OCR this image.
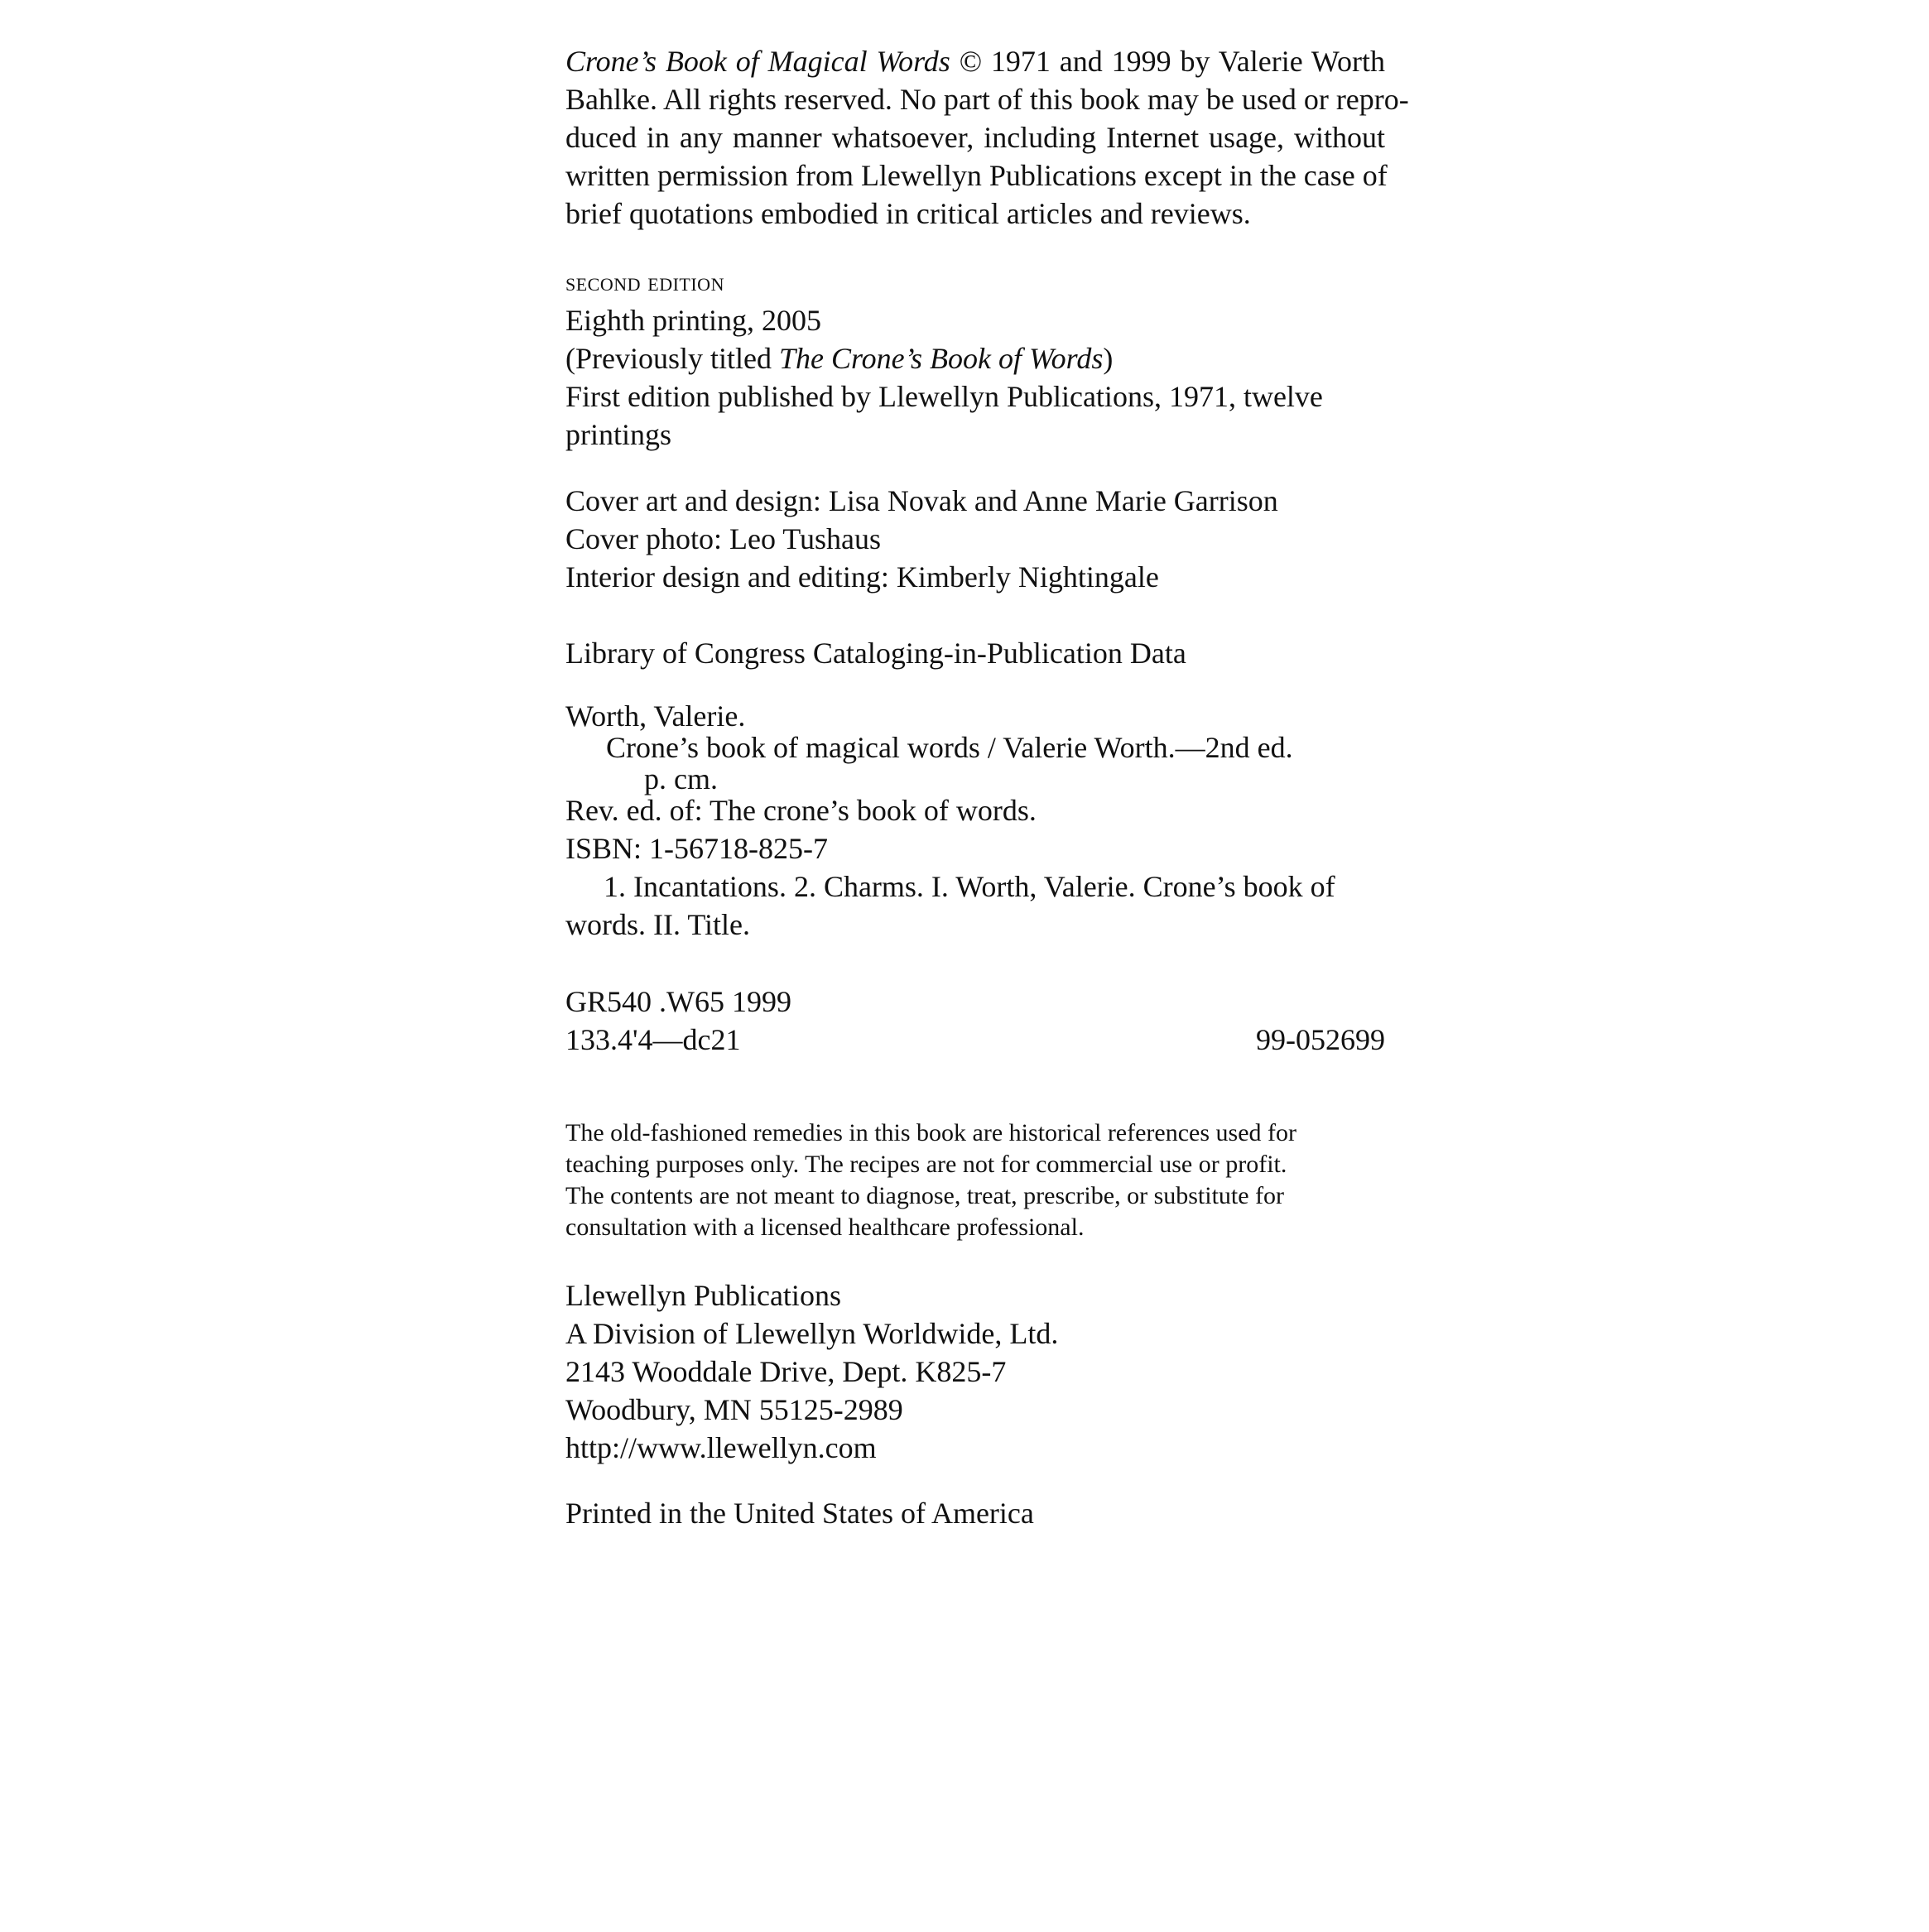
Crone’s Book of Magical Words © 1971 and 1999 by Valerie Worth
Bahlke. All rights reserved. No part of this book may be used or repro-
duced in any manner whatsoever, including Internet usage, without
written permission from Llewellyn Publications except in the case of
brief quotations embodied in critical articles and reviews.
second edition
Eighth printing, 2005
(Previously titled The Crone’s Book of Words)
First edition published by Llewellyn Publications, 1971, twelve
printings
Cover art and design: Lisa Novak and Anne Marie Garrison
Cover photo: Leo Tushaus
Interior design and editing: Kimberly Nightingale
Library of Congress Cataloging-in-Publication Data
Worth, Valerie.
Crone’s book of magical words / Valerie Worth.—2nd ed.
p. cm.
Rev. ed. of: The crone’s book of words.
ISBN: 1-56718-825-7
1. Incantations. 2. Charms. I. Worth, Valerie. Crone’s book of
words. II. Title.
GR540 .W65 1999
133.4'4—dc21	99-052699
The old-fashioned remedies in this book are historical references used for
teaching purposes only. The recipes are not for commercial use or profit.
The contents are not meant to diagnose, treat, prescribe, or substitute for
consultation with a licensed healthcare professional.
Llewellyn Publications
A Division of Llewellyn Worldwide, Ltd.
2143 Wooddale Drive, Dept. K825-7
Woodbury, MN 55125-2989
http://www.llewellyn.com
Printed in the United States of America
